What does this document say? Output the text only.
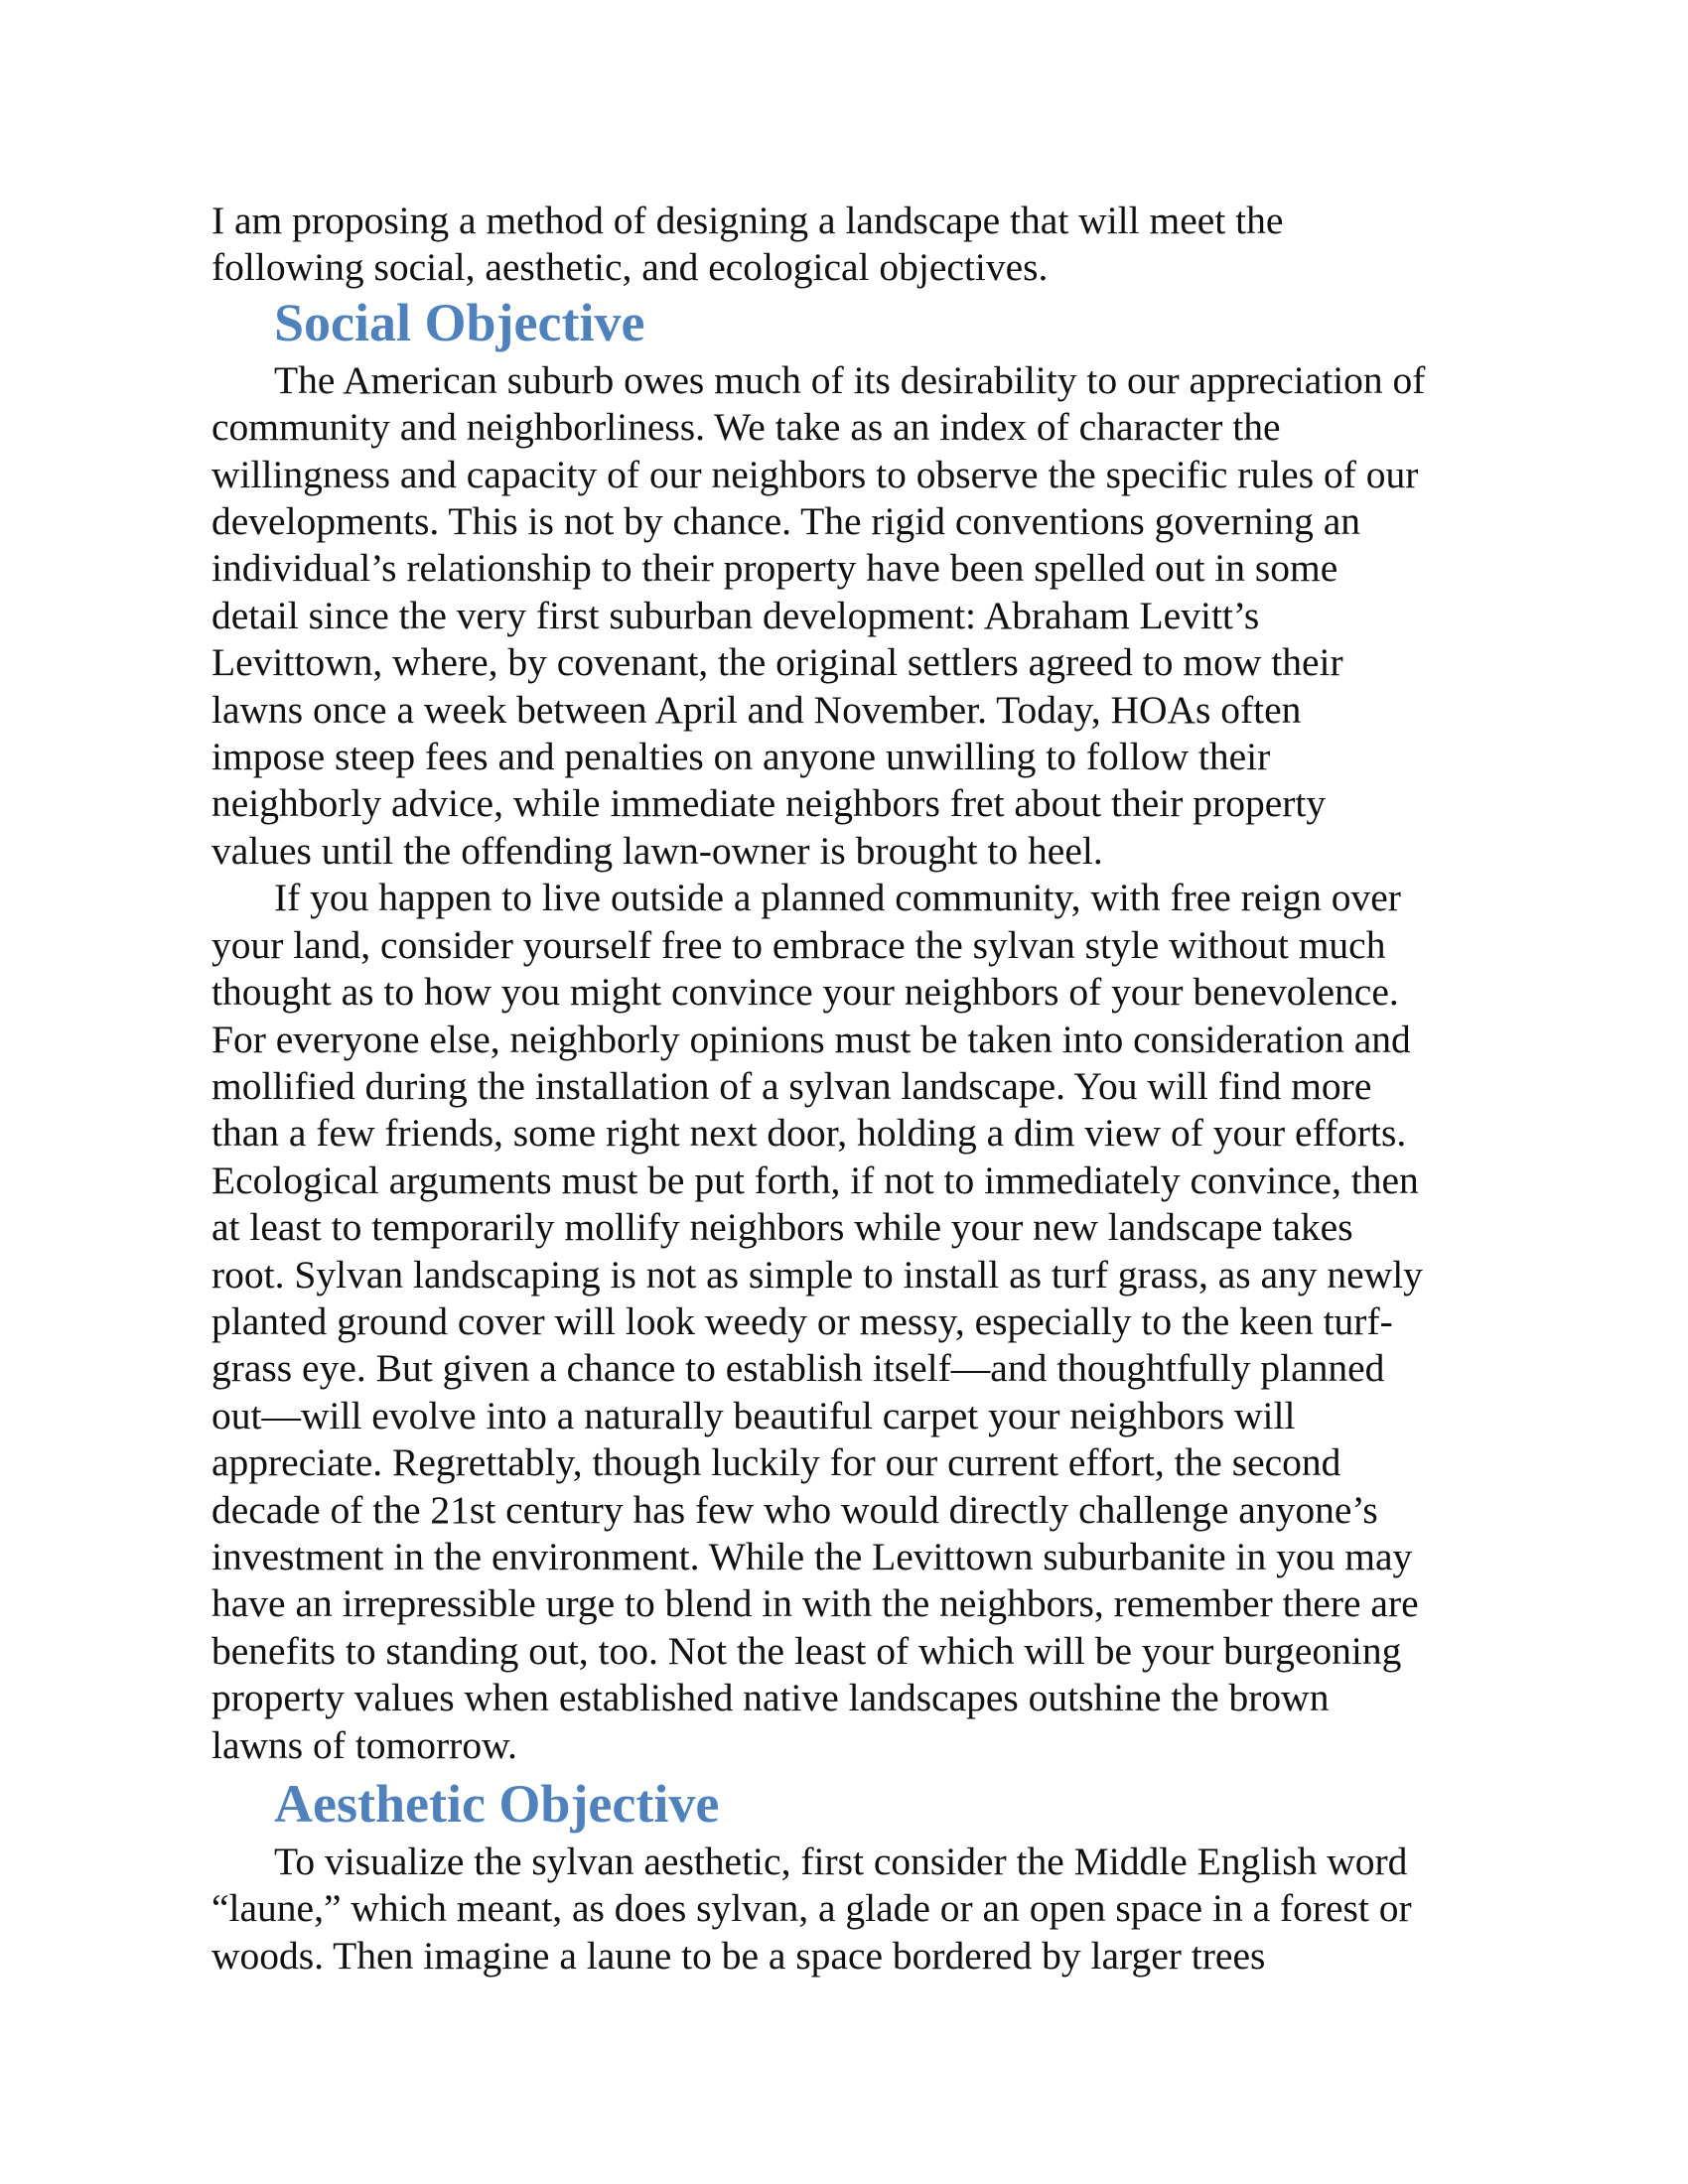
I am proposing a method of designing a landscape that will meet the
following social, aesthetic, and ecological objectives.

Social Objective

The American suburb owes much of its desirability to our appreciation of
community and neighborliness. We take as an index of character the
willingness and capacity of our neighbors to observe the specific rules of our
developments. This is not by chance. The rigid conventions governing an
individual’s relationship to their property have been spelled out in some
detail since the very first suburban development: Abraham Levitt’s
Levittown, where, by covenant, the original settlers agreed to mow their
lawns once a week between April and November. Today, HOAs often
impose steep fees and penalties on anyone unwilling to follow their
neighborly advice, while immediate neighbors fret about their property
values until the offending lawn-owner is brought to heel.

If you happen to live outside a planned community, with free reign over
your land, consider yourself free to embrace the sylvan style without much
thought as to how you might convince your neighbors of your benevolence.
For everyone else, neighborly opinions must be taken into consideration and
mollified during the installation of a sylvan landscape. You will find more
than a few friends, some right next door, holding a dim view of your efforts.
Ecological arguments must be put forth, if not to immediately convince, then
at least to temporarily mollify neighbors while your new landscape takes
root. Sylvan landscaping is not as simple to install as turf grass, as any newly
planted ground cover will look weedy or messy, especially to the keen turf-
grass eye. But given a chance to establish itself—and thoughtfully planned
out—will evolve into a naturally beautiful carpet your neighbors will
appreciate. Regrettably, though luckily for our current effort, the second
decade of the 21st century has few who would directly challenge anyone’s
investment in the environment. While the Levittown suburbanite in you may
have an irrepressible urge to blend in with the neighbors, remember there are
benefits to standing out, too. Not the least of which will be your burgeoning
property values when established native landscapes outshine the brown
lawns of tomorrow.

Aesthetic Objective

To visualize the sylvan aesthetic, first consider the Middle English word
“laune,” which meant, as does sylvan, a glade or an open space in a forest or
woods. Then imagine a laune to be a space bordered by larger trees
